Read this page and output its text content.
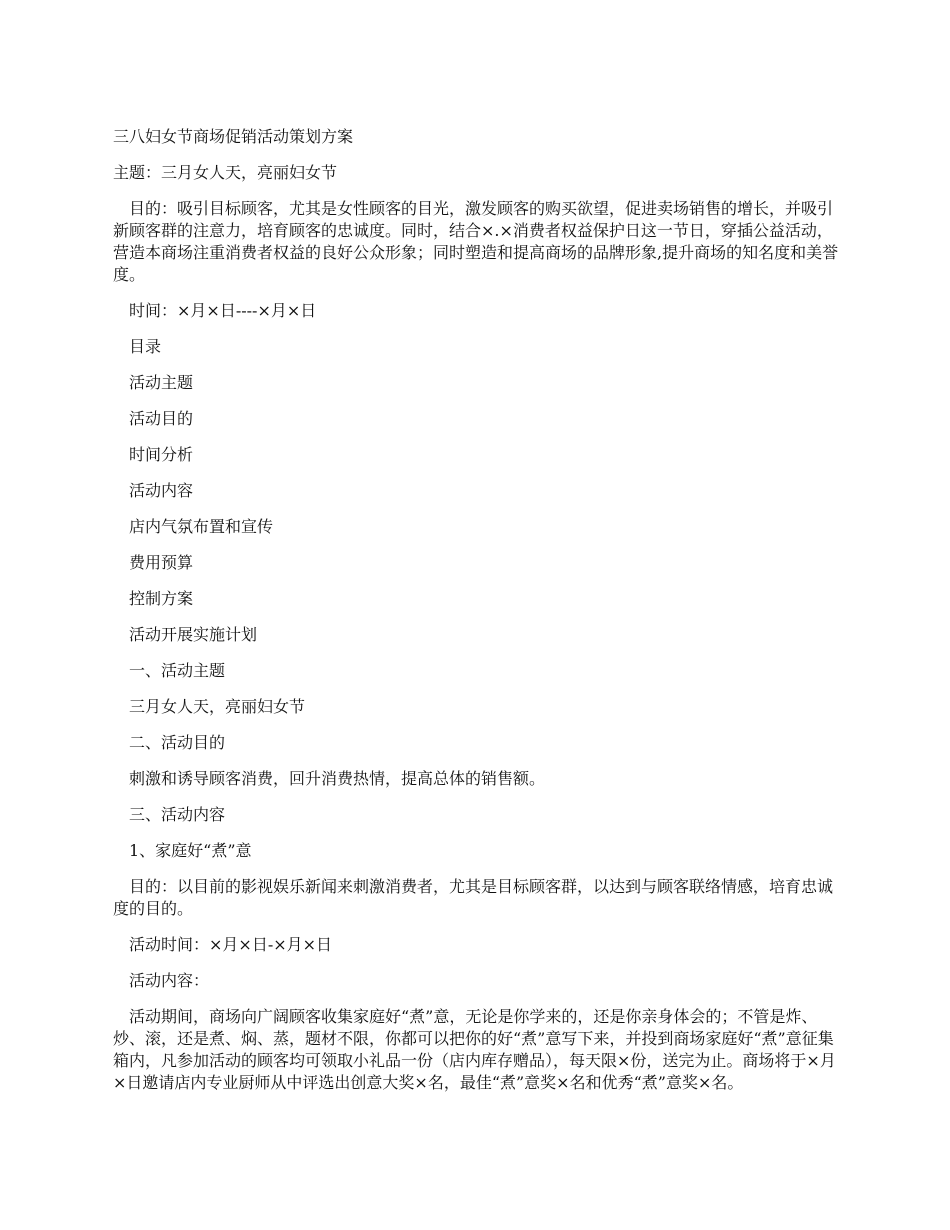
三八妇女节商场促销活动策划方案

主题：三月女人天，亮丽妇女节

目的：吸引目标顾客，尤其是女性顾客的目光，激发顾客的购买欲望，促进卖场销售的增长，并吸引新顾客群的注意力，培育顾客的忠诚度。同时，结合×.×消费者权益保护日这一节日，穿插公益活动，营造本商场注重消费者权益的良好公众形象；同时塑造和提高商场的品牌形象,提升商场的知名度和美誉度。

时间：×月×日----×月×日

目录

活动主题

活动目的

时间分析

活动内容

店内气氛布置和宣传

费用预算

控制方案

活动开展实施计划

一、活动主题

三月女人天，亮丽妇女节

二、活动目的

刺激和诱导顾客消费，回升消费热情，提高总体的销售额。

三、活动内容

1、家庭好“煮”意

目的：以目前的影视娱乐新闻来刺激消费者，尤其是目标顾客群，以达到与顾客联络情感，培育忠诚度的目的。

活动时间：×月×日-×月×日

活动内容：

活动期间，商场向广阔顾客收集家庭好“煮”意，无论是你学来的，还是你亲身体会的；不管是炸、炒、滚，还是煮、焖、蒸，题材不限，你都可以把你的好“煮”意写下来，并投到商场家庭好“煮”意征集箱内，凡参加活动的顾客均可领取小礼品一份（店内库存赠品），每天限×份，送完为止。商场将于×月×日邀请店内专业厨师从中评选出创意大奖×名，最佳“煮”意奖×名和优秀“煮”意奖×名。
